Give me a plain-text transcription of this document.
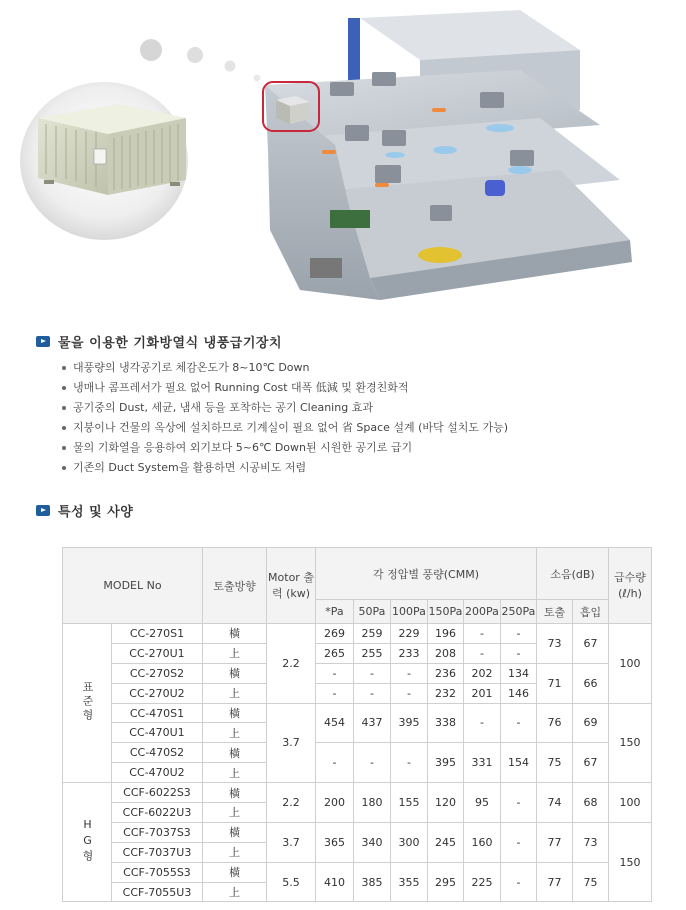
물을 이용한 기화방열식 냉풍급기장치
대풍량의 냉각공기로 체감온도가 8~10℃ Down
냉매나 콤프레서가 필요 없어 Running Cost 대폭 低減 및 환경친화적
공기중의 Dust, 세균, 냄새 등을 포착하는 공기 Cleaning 효과
지붕이나 건물의 옥상에 설치하므로 기계실이 필요 없어 省 Space 설계 (바닥 설치도 가능)
물의 기화열을 응용하여 외기보다 5~6℃ Down된 시원한 공기로 급기
기존의 Duct System을 활용하면 시공비도 저렴
특성 및 사양
MODEL No		토출방향	Motor 출력 (kw)	각 정압별 풍량(CMM)						소음(dB)		급수량 (ℓ/h)
				*Pa	50Pa	100Pa	150Pa	200Pa	250Pa	토출	흡입	
표준형	CC-270S1	橫	2.2	269	259	229	196	-	-	73	67	100
	CC-270U1	上		265	255	233	208	-	-			
	CC-270S2	橫		-	-	-	236	202	134	71	66	
	CC-270U2	上		-	-	-	232	201	146			
	CC-470S1	橫	3.7	454	437	395	338	-	-	76	69	150
	CC-470U1	上										
	CC-470S2	橫		-	-	-	395	331	154	75	67	
	CC-470U2	上										
HG형	CCF-6022S3	橫	2.2	200	180	155	120	95	-	74	68	100
	CCF-6022U3	上										
	CCF-7037S3	橫	3.7	365	340	300	245	160	-	77	73	150
	CCF-7037U3	上										
	CCF-7055S3	橫	5.5	410	385	355	295	225	-	77	75	
	CCF-7055U3	上										
